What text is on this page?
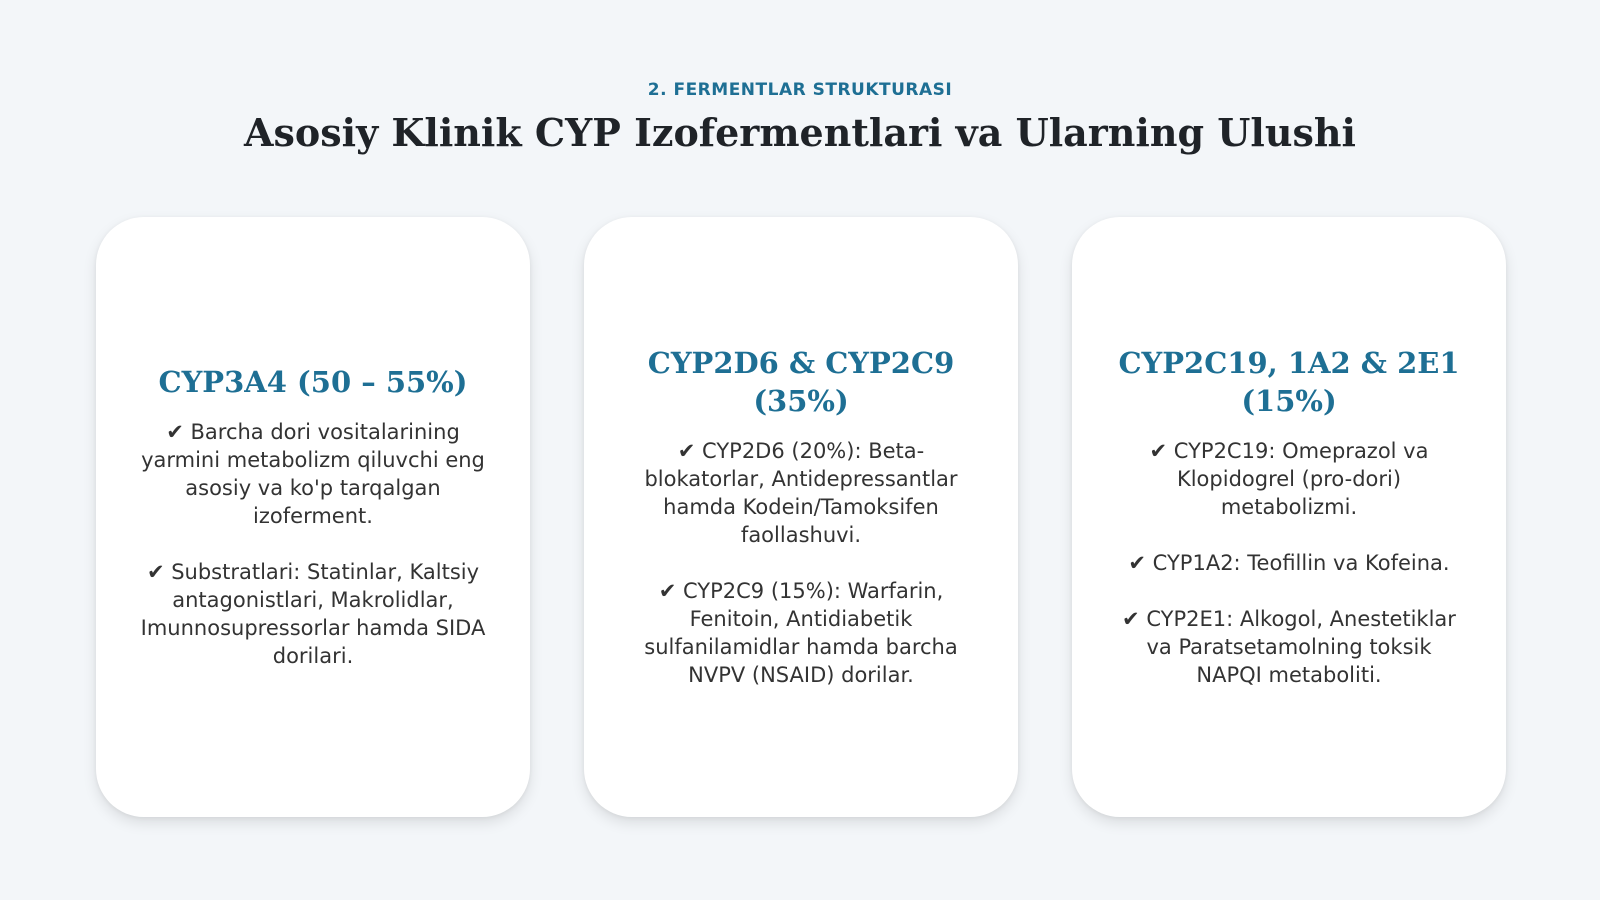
2. FERMENTLAR STRUKTURASI
Asosiy Klinik CYP Izofermentlari va Ularning Ulushi
CYP3A4 (50 – 55%)
✔ Barcha dori vositalarining yarmini metabolizm qiluvchi eng asosiy va ko'p tarqalgan izoferment.
✔ Substratlari: Statinlar, Kaltsiy antagonistlari, Makrolidlar, Imunnosupressorlar hamda SIDA dorilari.
CYP2D6 & CYP2C9 (35%)
✔ CYP2D6 (20%): Beta-blokatorlar, Antidepressantlar hamda Kodein/Tamoksifen faollashuvi.
✔ CYP2C9 (15%): Warfarin, Fenitoin, Antidiabetik sulfanilamidlar hamda barcha NVPV (NSAID) dorilar.
CYP2C19, 1A2 & 2E1 (15%)
✔ CYP2C19: Omeprazol va Klopidogrel (pro-dori) metabolizmi.
✔ CYP1A2: Teofillin va Kofeina.
✔ CYP2E1: Alkogol, Anestetiklar va Paratsetamolning toksik NAPQI metaboliti.
